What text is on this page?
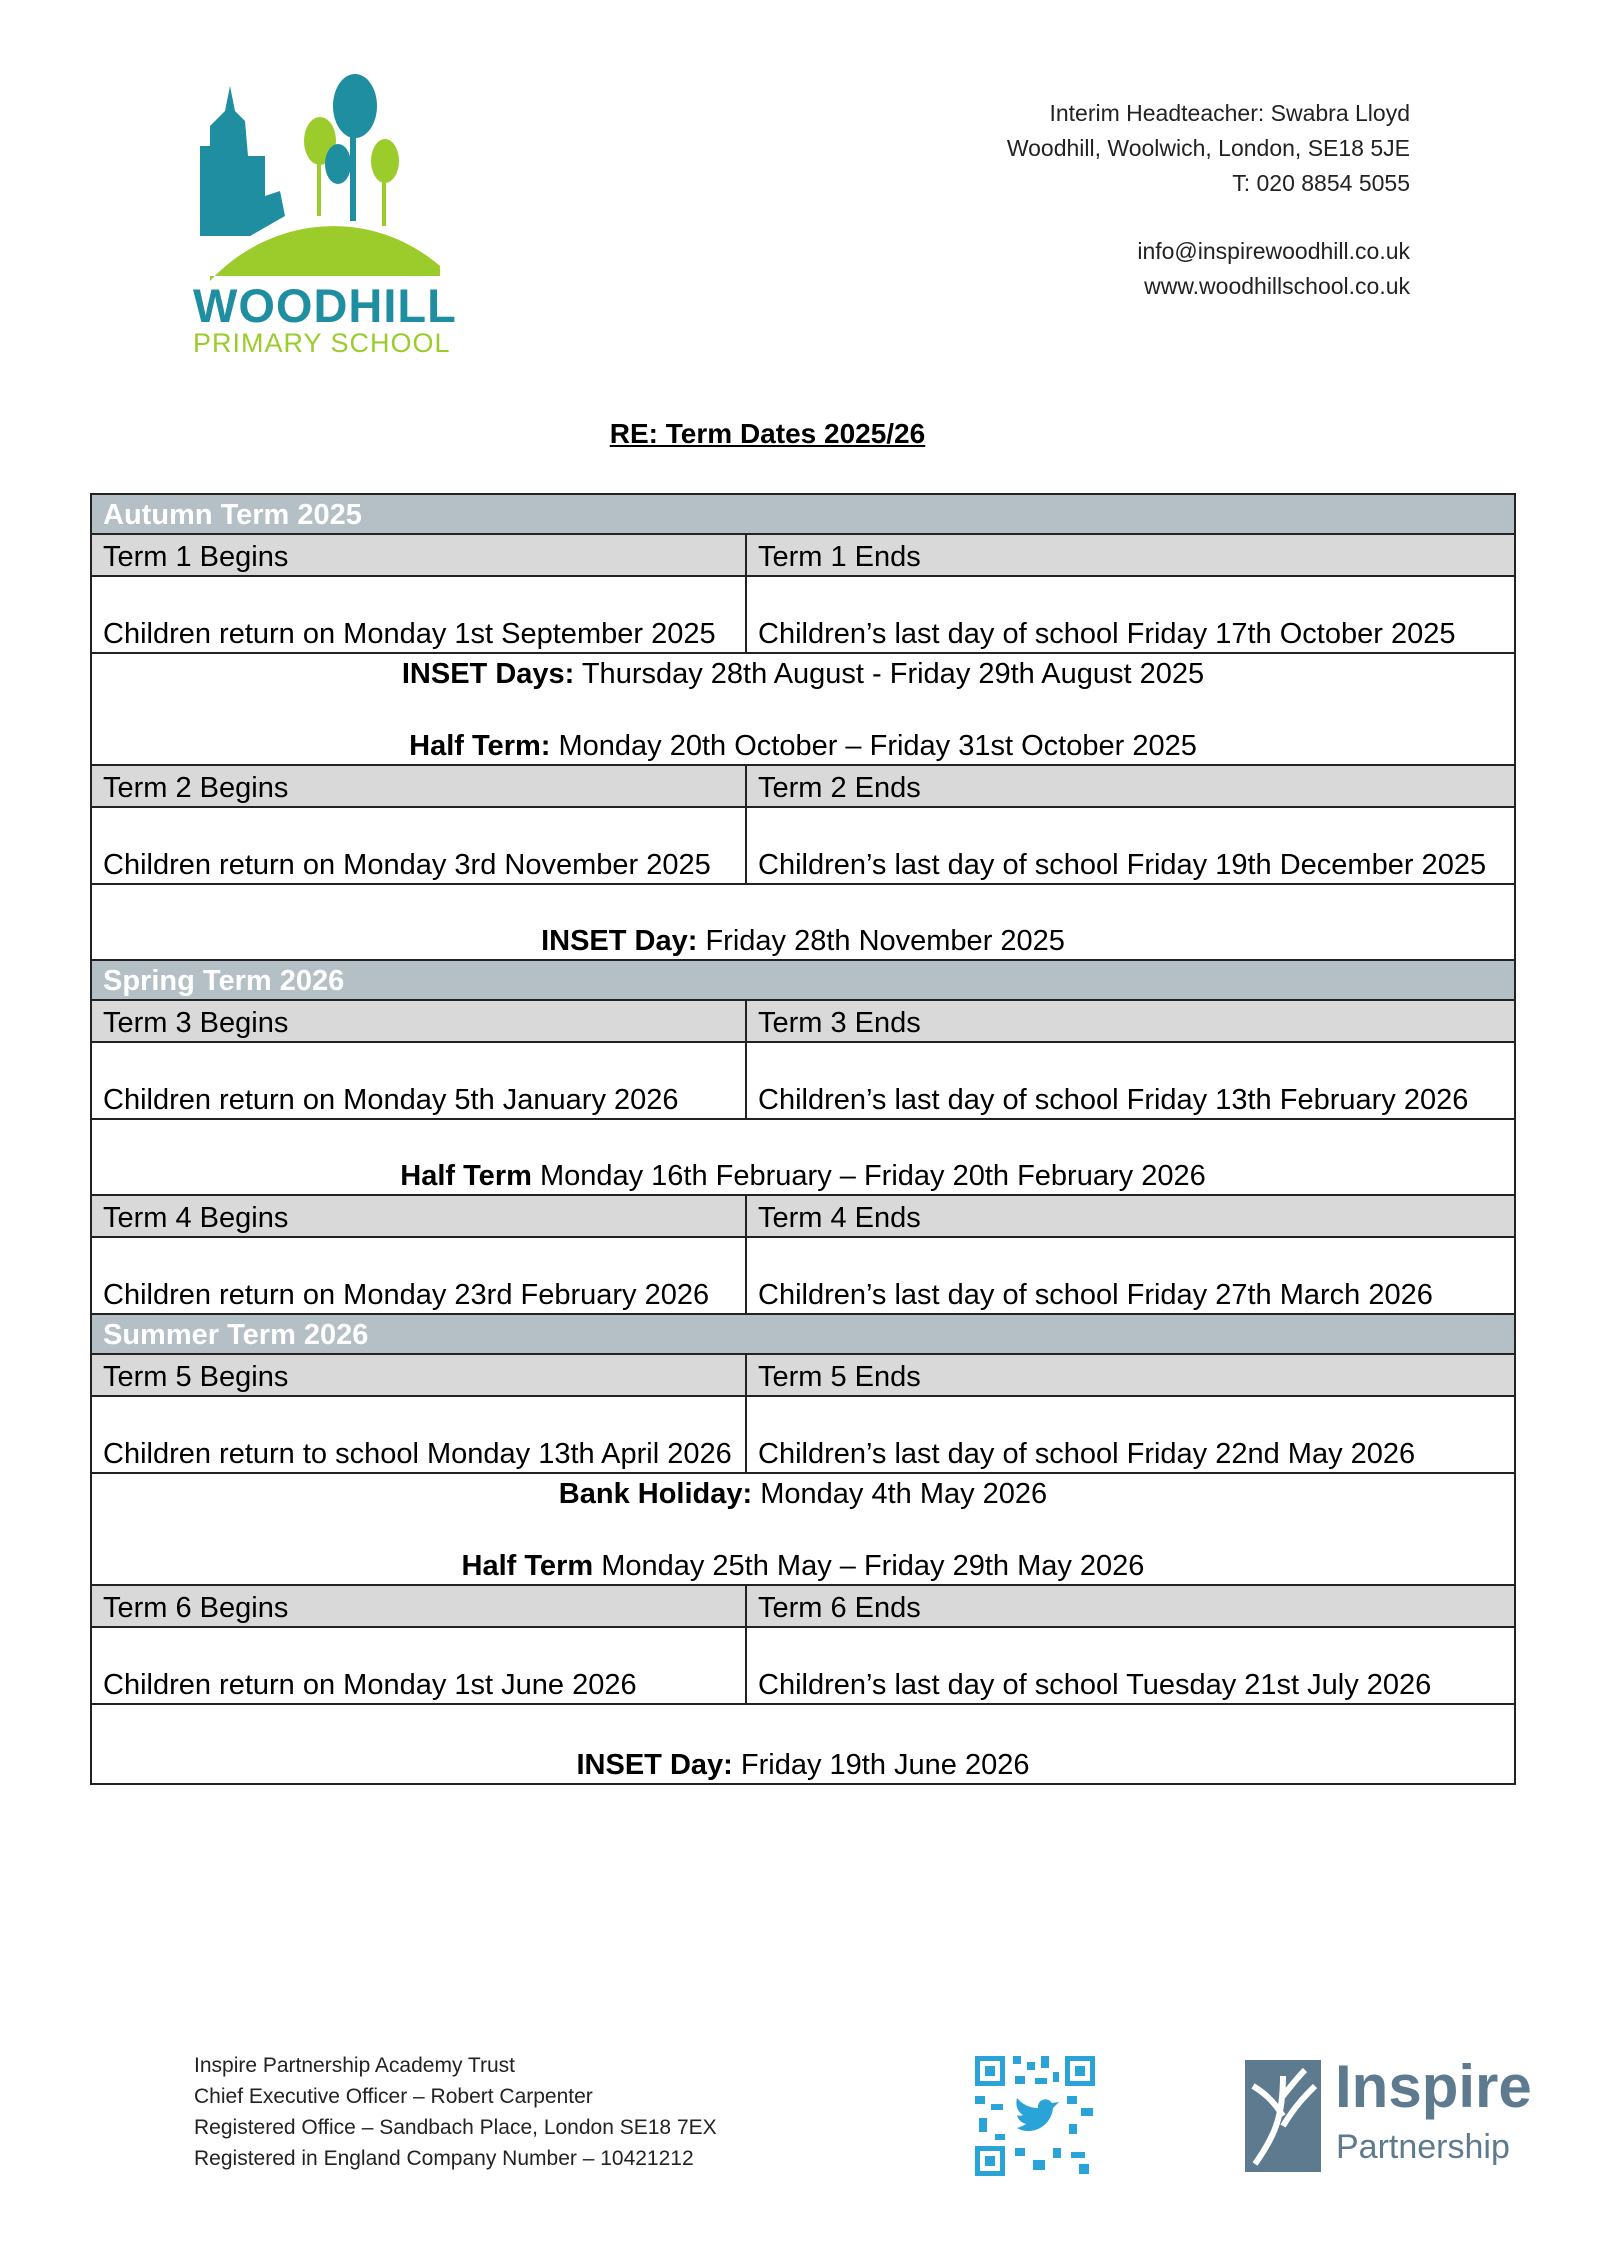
WOODHILL
PRIMARY SCHOOL
Interim Headteacher: Swabra Lloyd
Woodhill, Woolwich, London, SE18 5JE
T: 020 8854 5055
info@inspirewoodhill.co.uk
www.woodhillschool.co.uk
RE: Term Dates 2025/26
Autumn Term 2025	
Term 1 Begins	Term 1 Ends
Children return on Monday 1st September 2025	Children’s last day of school Friday 17th October 2025

INSET Days: Thursday 28th August - Friday 29th August 2025
Half Term: Monday 20th October – Friday 31st October 2025	

Term 2 Begins	Term 2 Ends
Children return on Monday 3rd November 2025	Children’s last day of school Friday 19th December 2025
INSET Day: Friday 28th November 2025	
Spring Term 2026	
Term 3 Begins	Term 3 Ends
Children return on Monday 5th January 2026	Children’s last day of school Friday 13th February 2026
Half Term Monday 16th February – Friday 20th February 2026	
Term 4 Begins	Term 4 Ends
Children return on Monday 23rd February 2026	Children’s last day of school Friday 27th March 2026
Summer Term 2026	
Term 5 Begins	Term 5 Ends
Children return to school Monday 13th April 2026	Children’s last day of school Friday 22nd May 2026

Bank Holiday: Monday 4th May 2026
Half Term Monday 25th May – Friday 29th May 2026	

Term 6 Begins	Term 6 Ends
Children return on Monday 1st June 2026	Children’s last day of school Tuesday 21st July 2026
INSET Day: Friday 19th June 2026	
Inspire Partnership Academy Trust
Chief Executive Officer – Robert Carpenter
Registered Office – Sandbach Place, London SE18 7EX
Registered in England Company Number – 10421212
Inspire
Partnership
